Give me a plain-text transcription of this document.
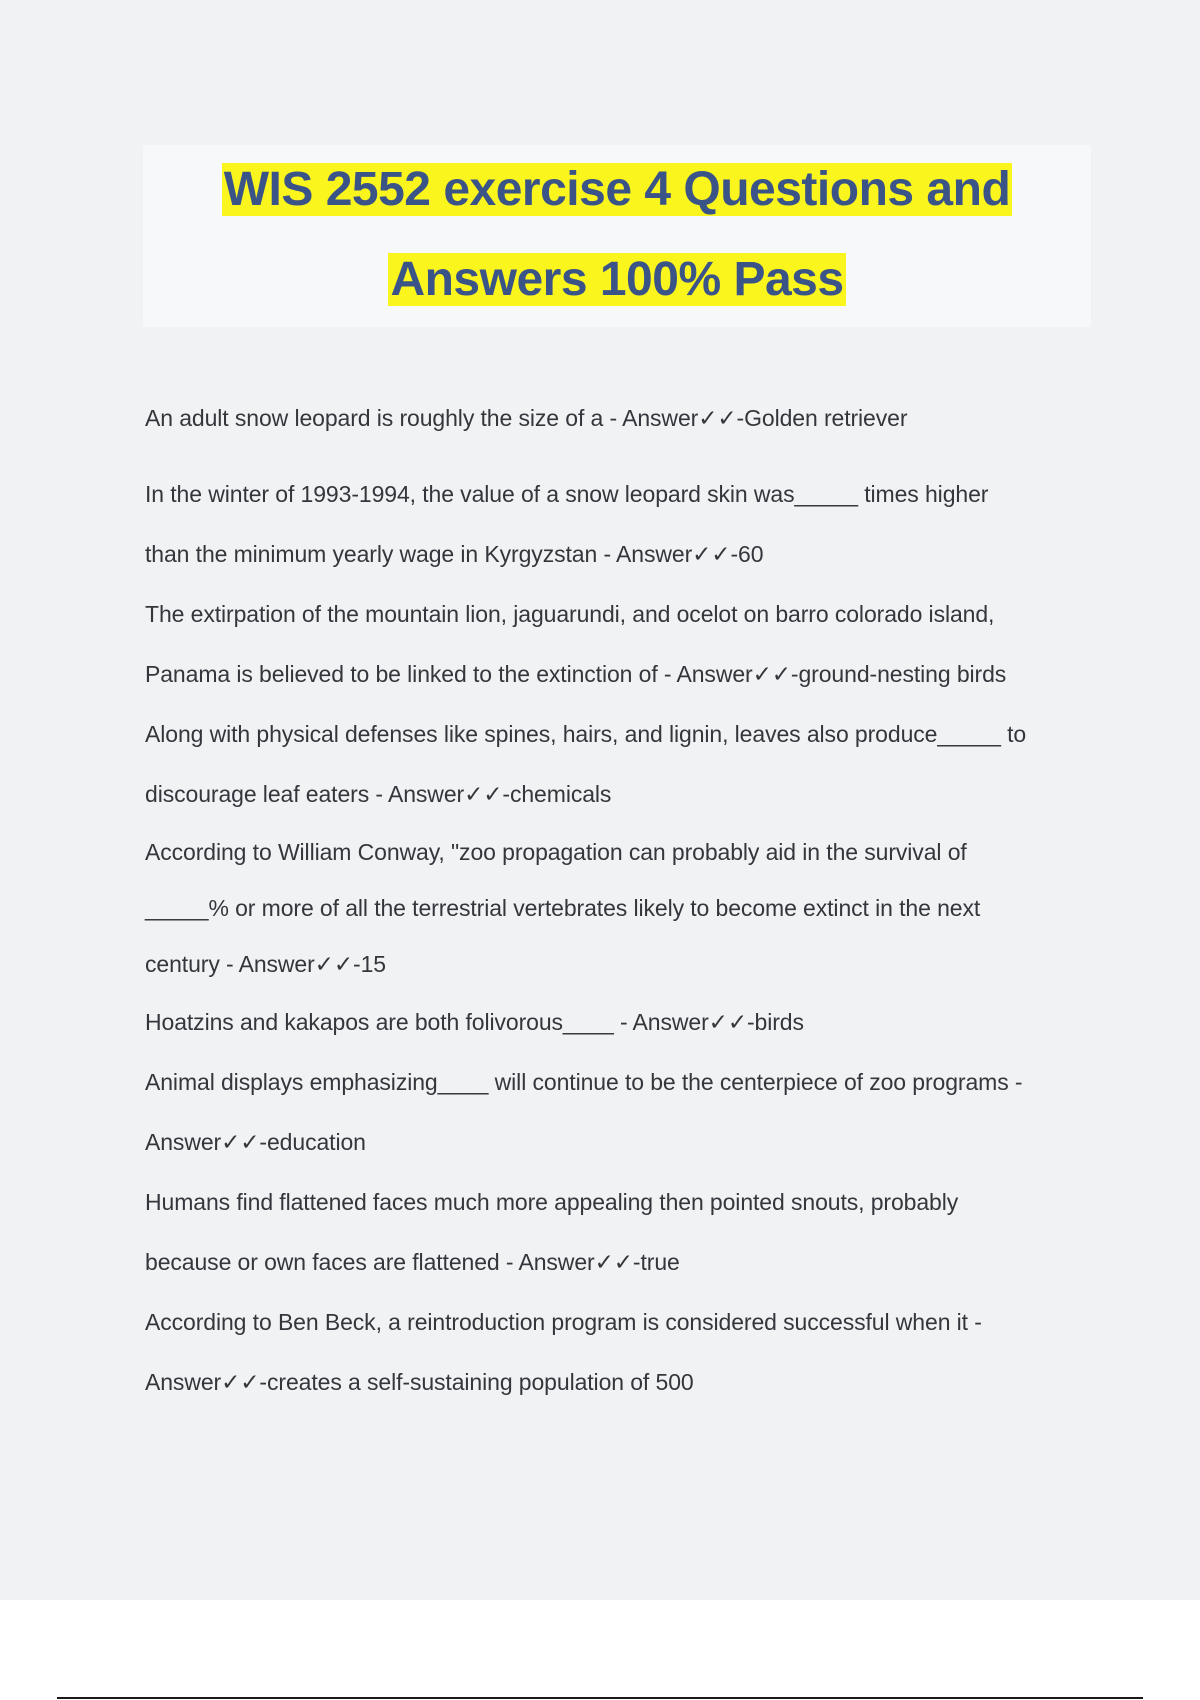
WIS 2552 exercise 4 Questions and
Answers 100% Pass

An adult snow leopard is roughly the size of a - Answer✓✓-Golden retriever

In the winter of 1993-1994, the value of a snow leopard skin was_____ times higher
than the minimum yearly wage in Kyrgyzstan - Answer✓✓-60

The extirpation of the mountain lion, jaguarundi, and ocelot on barro colorado island,
Panama is believed to be linked to the extinction of - Answer✓✓-ground-nesting birds

Along with physical defenses like spines, hairs, and lignin, leaves also produce_____ to
discourage leaf eaters - Answer✓✓-chemicals

According to William Conway, "zoo propagation can probably aid in the survival of
_____% or more of all the terrestrial vertebrates likely to become extinct in the next
century - Answer✓✓-15

Hoatzins and kakapos are both folivorous____ - Answer✓✓-birds

Animal displays emphasizing____ will continue to be the centerpiece of zoo programs -
Answer✓✓-education

Humans find flattened faces much more appealing then pointed snouts, probably
because or own faces are flattened - Answer✓✓-true

According to Ben Beck, a reintroduction program is considered successful when it -
Answer✓✓-creates a self-sustaining population of 500
